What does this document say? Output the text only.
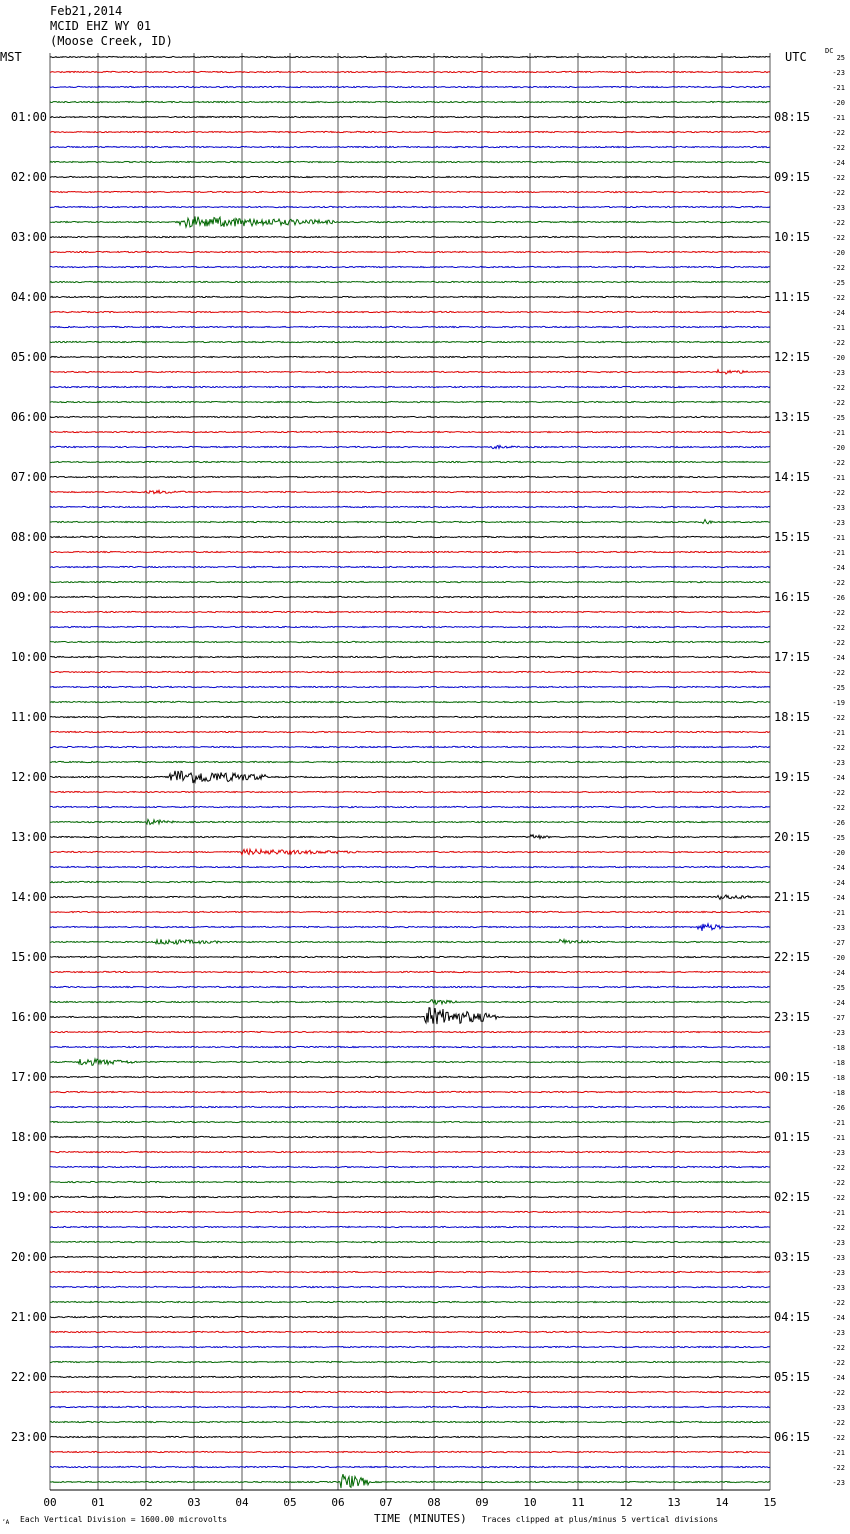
Feb21,2014
MCID EHZ WY 01
(Moose Creek, ID)
MST	UTC	DC
01:00
02:00
03:00
04:00
05:00
06:00
07:00
08:00
09:00
10:00
11:00
12:00
13:00
14:00
15:00
16:00
17:00
18:00
19:00
20:00
21:00
22:00
23:00
08:15
09:15
10:15
11:15
12:15
13:15
14:15
15:15
16:15
17:15
18:15
19:15
20:15
21:15
22:15
23:15
00:15
01:15
02:15
03:15
04:15
05:15
06:15
25
-23
-21
-20
-21
-22
-22
-24
-22
-22
-23
-22
-22
-20
-22
-25
-22
-24
-21
-22
-20
-23
-22
-22
-25
-21
-20
-22
-21
-22
-23
-23
-21
-21
-24
-22
-26
-22
-22
-22
-24
-22
-25
-19
-22
-21
-22
-23
-24
-22
-22
-26
-25
-20
-24
-24
-24
-21
-23
-27
-20
-24
-25
-24
-27
-23
-18
-18
-18
-18
-26
-21
-21
-23
-22
-22
-22
-21
-22
-23
-23
-23
-23
-22
-24
-23
-22
-22
-24
-22
-23
-22
-22
-21
-22
-23
00	01	02	03	04	05	06	07	08	09	10	11	12	13	14	15
‘A Each Vertical Division = 1600.00 microvolts	TIME (MINUTES) Traces clipped at plus/minus 5 vertical divisions
